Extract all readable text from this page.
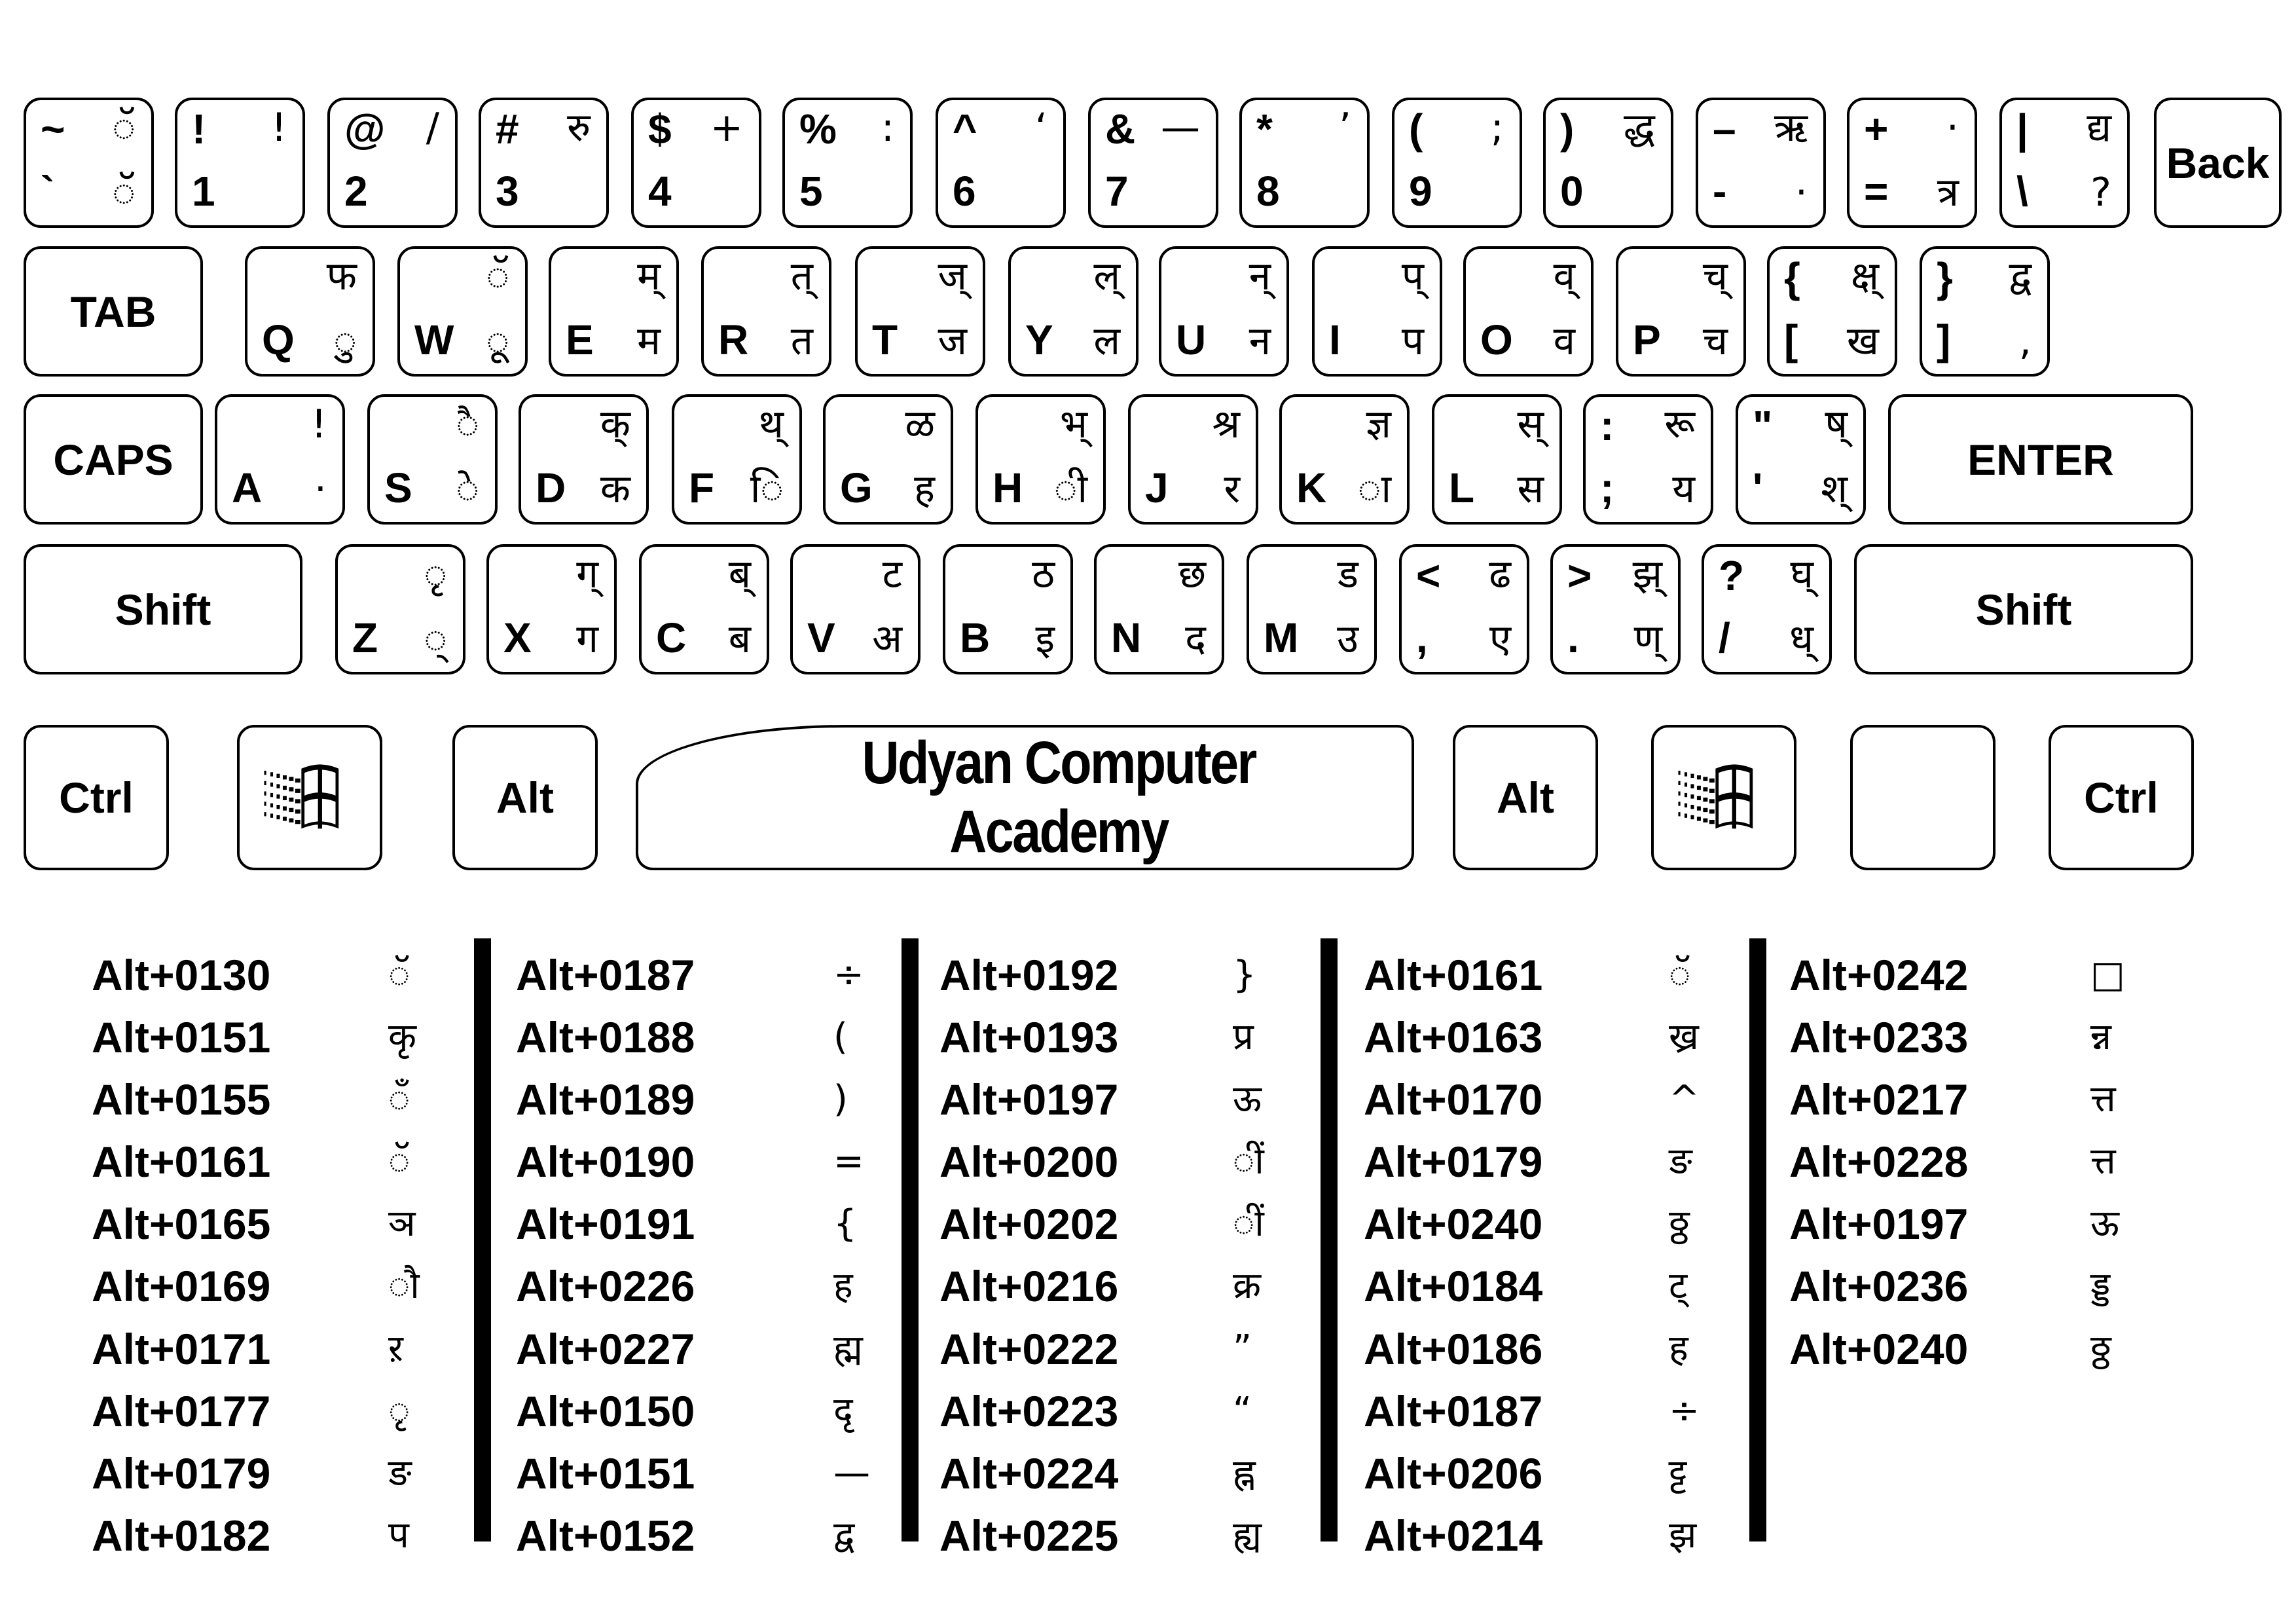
~
`
ॅ
ॅ
!
1
! @
2
/ #
3
रु $
4
+ %
5
: ^
6
‘ &
7
— *
8
’ (
9
; )
0
द्ध –
-
ऋ
·
+
=
·
त्र
|
\
द्य
?
Back
TAB
Q
फ
ु W
ॅ
ू E
म्
म R
त्
त T
ज्
ज Y
ल्
ल U
न्
न I
प्
प O
व्
व P
च्
च
{
[
क्ष्
ख
}
]
द्व
,
CAPS
A
!
· S
ै
े D
क्
क F
थ्
ि G
ळ
ह H
भ्
ी J
श्र
र K
ज्ञ
ा L
स्
स
:
;
रू
य
"
'
ष्
श्
ENTER
Shift
Z
ृ
् X
ग्
ग C
ब्
ब V
ट
अ B
ठ
इ N
छ
द M
ड
उ
<
,
ढ
ए
>
.
झ्
ण्
?
/
घ्
ध्
Shift
Ctrl	Alt
Udyan Computer Academy
Alt	Ctrl
Alt+0130	ॅ
Alt+0151	कृ
Alt+0155	ँ
Alt+0161	ॅ
Alt+0165	ञ
Alt+0169	ौ
Alt+0171	ऱ
Alt+0177	ृ
Alt+0179	ङ
Alt+0182	प
Alt+0187	÷
Alt+0188	(
Alt+0189	)
Alt+0190	=
Alt+0191	{
Alt+0226	ह
Alt+0227	ह्म
Alt+0150	दृ
Alt+0151	—
Alt+0152	द्व
Alt+0192	}
Alt+0193	प्र
Alt+0197	ऊ
Alt+0200	ीं
Alt+0202	ीं
Alt+0216	क्र
Alt+0222	”
Alt+0223	“
Alt+0224	ह्न
Alt+0225	ह्य
Alt+0161	ॅ
Alt+0163	ख्र
Alt+0170	^
Alt+0179	ङ
Alt+0240	ठ्ठ
Alt+0184	ट्
Alt+0186	ह
Alt+0187	÷
Alt+0206	ट्ट
Alt+0214	झ
Alt+0242	□
Alt+0233	न्न
Alt+0217	त्त
Alt+0228	त्त
Alt+0197	ऊ
Alt+0236	ड्ड
Alt+0240	ठ्ठ
